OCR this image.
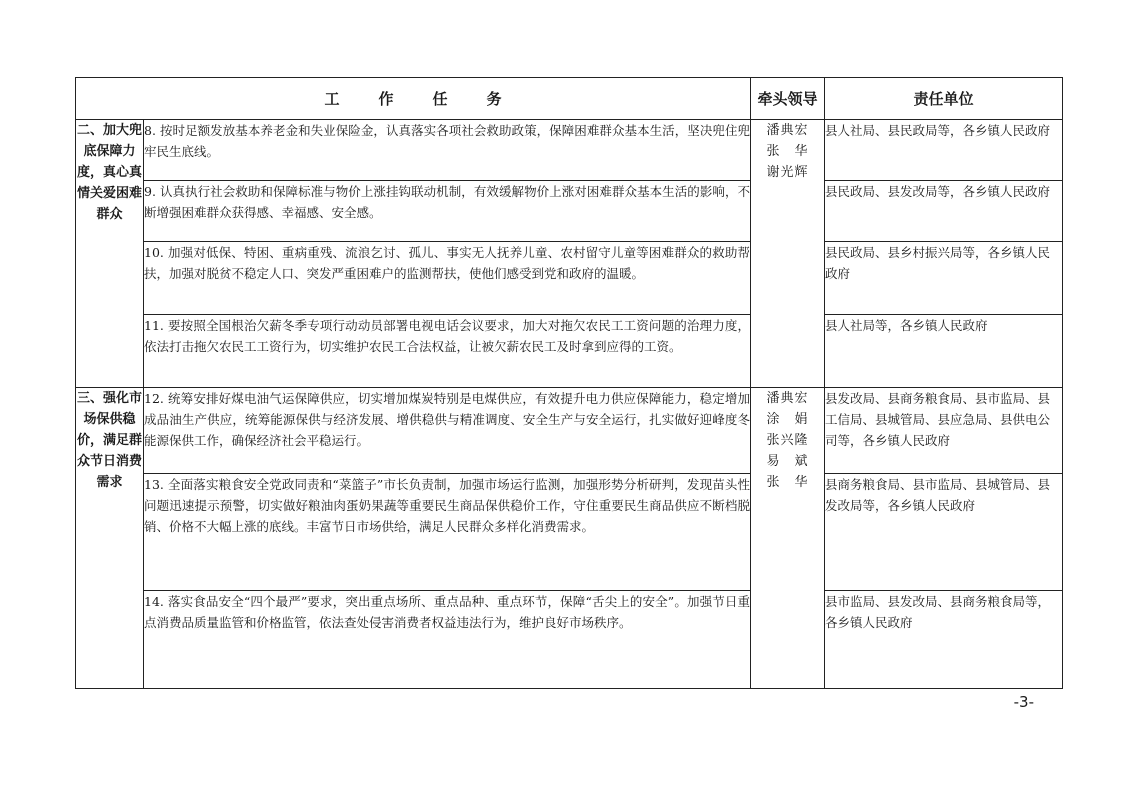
工作任务		牵头领导	责任单位
二、加大兜底保障力度，真心真情关爱困难群众	8. 按时足额发放基本养老金和失业保险金，认真落实各项社会救助政策，保障困难群众基本生活，坚决兜住兜牢民生底线。	潘典宏
张　华
谢光辉	县人社局、县民政局等，各乡镇人民政府
	9. 认真执行社会救助和保障标准与物价上涨挂钩联动机制，有效缓解物价上涨对困难群众基本生活的影响，不断增强困难群众获得感、幸福感、安全感。		县民政局、县发改局等，各乡镇人民政府
	10. 加强对低保、特困、重病重残、流浪乞讨、孤儿、事实无人抚养儿童、农村留守儿童等困难群众的救助帮扶，加强对脱贫不稳定人口、突发严重困难户的监测帮扶，使他们感受到党和政府的温暖。		县民政局、县乡村振兴局等，各乡镇人民政府
	11. 要按照全国根治欠薪冬季专项行动动员部署电视电话会议要求，加大对拖欠农民工工资问题的治理力度，依法打击拖欠农民工工资行为，切实维护农民工合法权益，让被欠薪农民工及时拿到应得的工资。		县人社局等，各乡镇人民政府
三、强化市场保供稳价，满足群众节日消费需求	12. 统筹安排好煤电油气运保障供应，切实增加煤炭特别是电煤供应，有效提升电力供应保障能力，稳定增加成品油生产供应，统筹能源保供与经济发展、增供稳供与精准调度、安全生产与安全运行，扎实做好迎峰度冬能源保供工作，确保经济社会平稳运行。	潘典宏
涂　娟
张兴隆
易　斌
张　华	县发改局、县商务粮食局、县市监局、县工信局、县城管局、县应急局、县供电公司等，各乡镇人民政府
	13. 全面落实粮食安全党政同责和“菜篮子”市长负责制，加强市场运行监测，加强形势分析研判，发现苗头性问题迅速提示预警，切实做好粮油肉蛋奶果蔬等重要民生商品保供稳价工作，守住重要民生商品供应不断档脱销、价格不大幅上涨的底线。丰富节日市场供给，满足人民群众多样化消费需求。		县商务粮食局、县市监局、县城管局、县发改局等，各乡镇人民政府
	14. 落实食品安全“四个最严”要求，突出重点场所、重点品种、重点环节，保障“舌尖上的安全”。加强节日重点消费品质量监管和价格监管，依法查处侵害消费者权益违法行为，维护良好市场秩序。		县市监局、县发改局、县商务粮食局等，各乡镇人民政府
-3-
